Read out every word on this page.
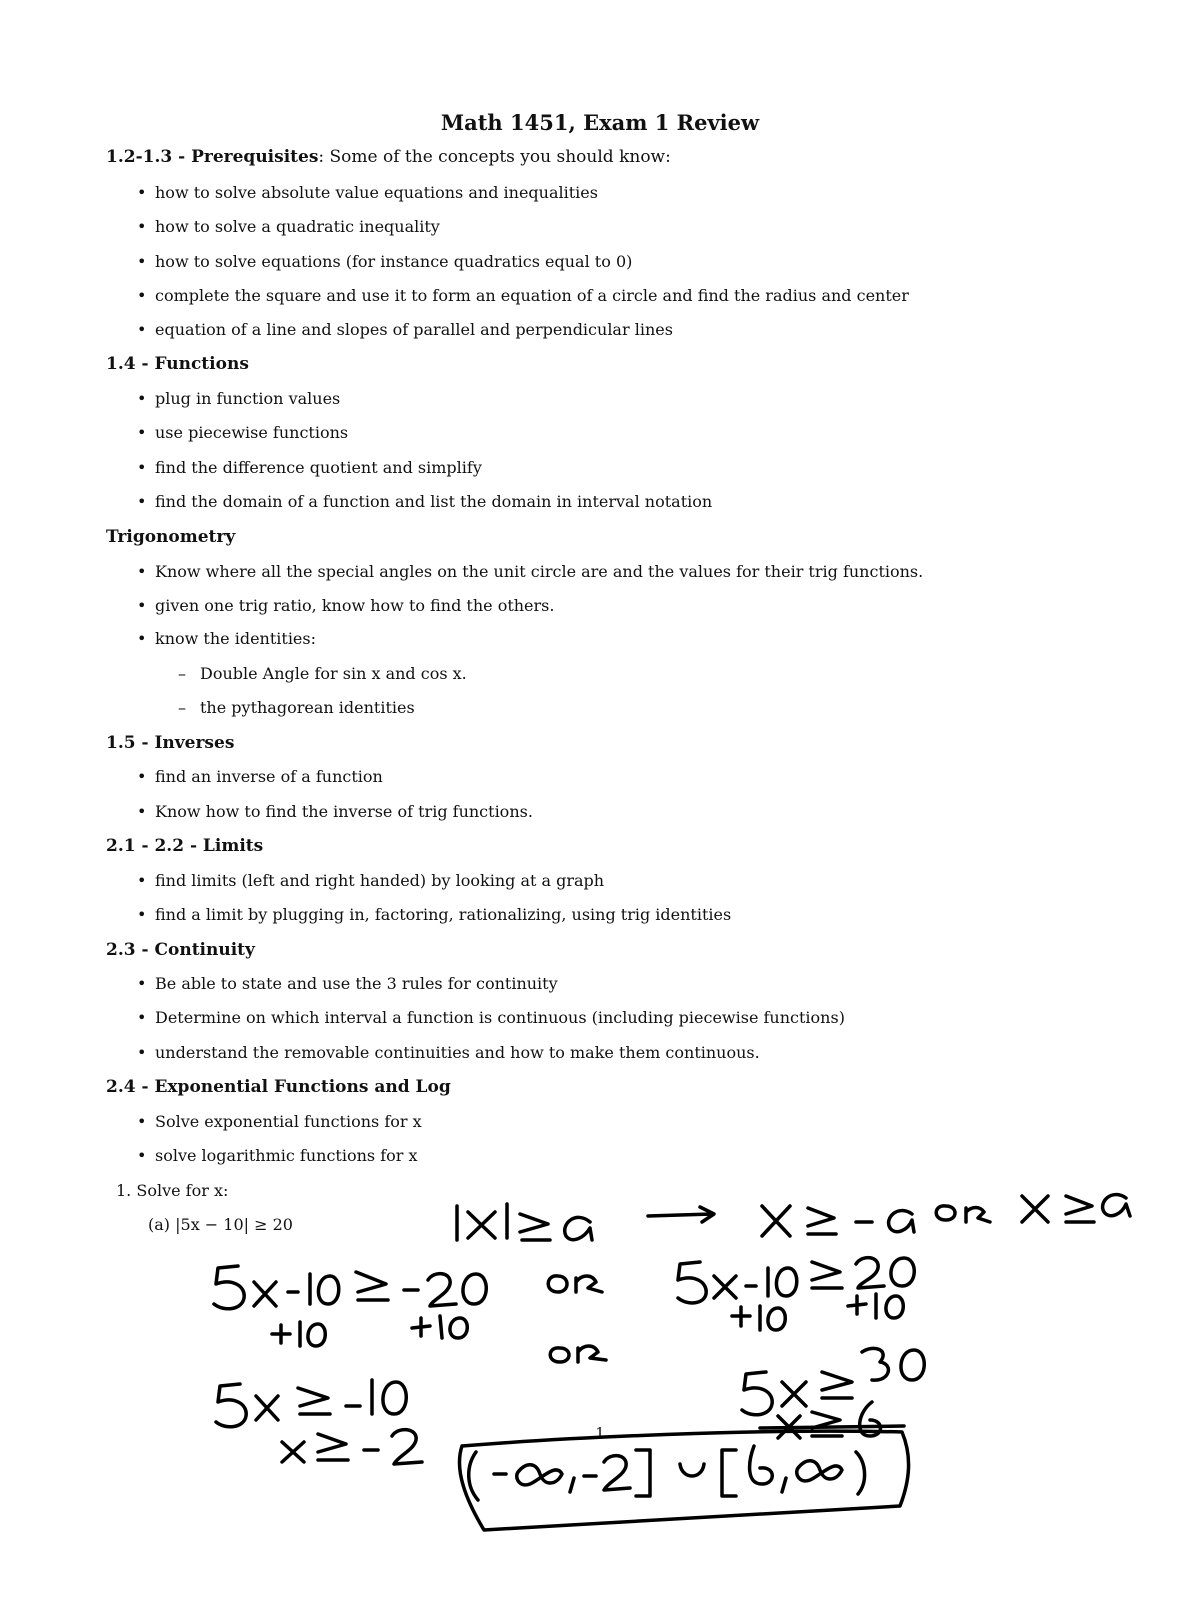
Math 1451, Exam 1 Review
1.2-1.3 - Prerequisites: Some of the concepts you should know:
• how to solve absolute value equations and inequalities
• how to solve a quadratic inequality
• how to solve equations (for instance quadratics equal to 0)
• complete the square and use it to form an equation of a circle and find the radius and center
• equation of a line and slopes of parallel and perpendicular lines
1.4 - Functions
• plug in function values
• use piecewise functions
• find the difference quotient and simplify
• find the domain of a function and list the domain in interval notation
Trigonometry
• Know where all the special angles on the unit circle are and the values for their trig functions.
• given one trig ratio, know how to find the others.
• know the identities:
– Double Angle for sin x and cos x.
– the pythagorean identities
1.5 - Inverses
• find an inverse of a function
• Know how to find the inverse of trig functions.
2.1 - 2.2 - Limits
• find limits (left and right handed) by looking at a graph
• find a limit by plugging in, factoring, rationalizing, using trig identities
2.3 - Continuity
• Be able to state and use the 3 rules for continuity
• Determine on which interval a function is continuous (including piecewise functions)
• understand the removable continuities and how to make them continuous.
2.4 - Exponential Functions and Log
• Solve exponential functions for x
• solve logarithmic functions for x
1. Solve for x:
(a) |5x − 10| ≥ 20
1
